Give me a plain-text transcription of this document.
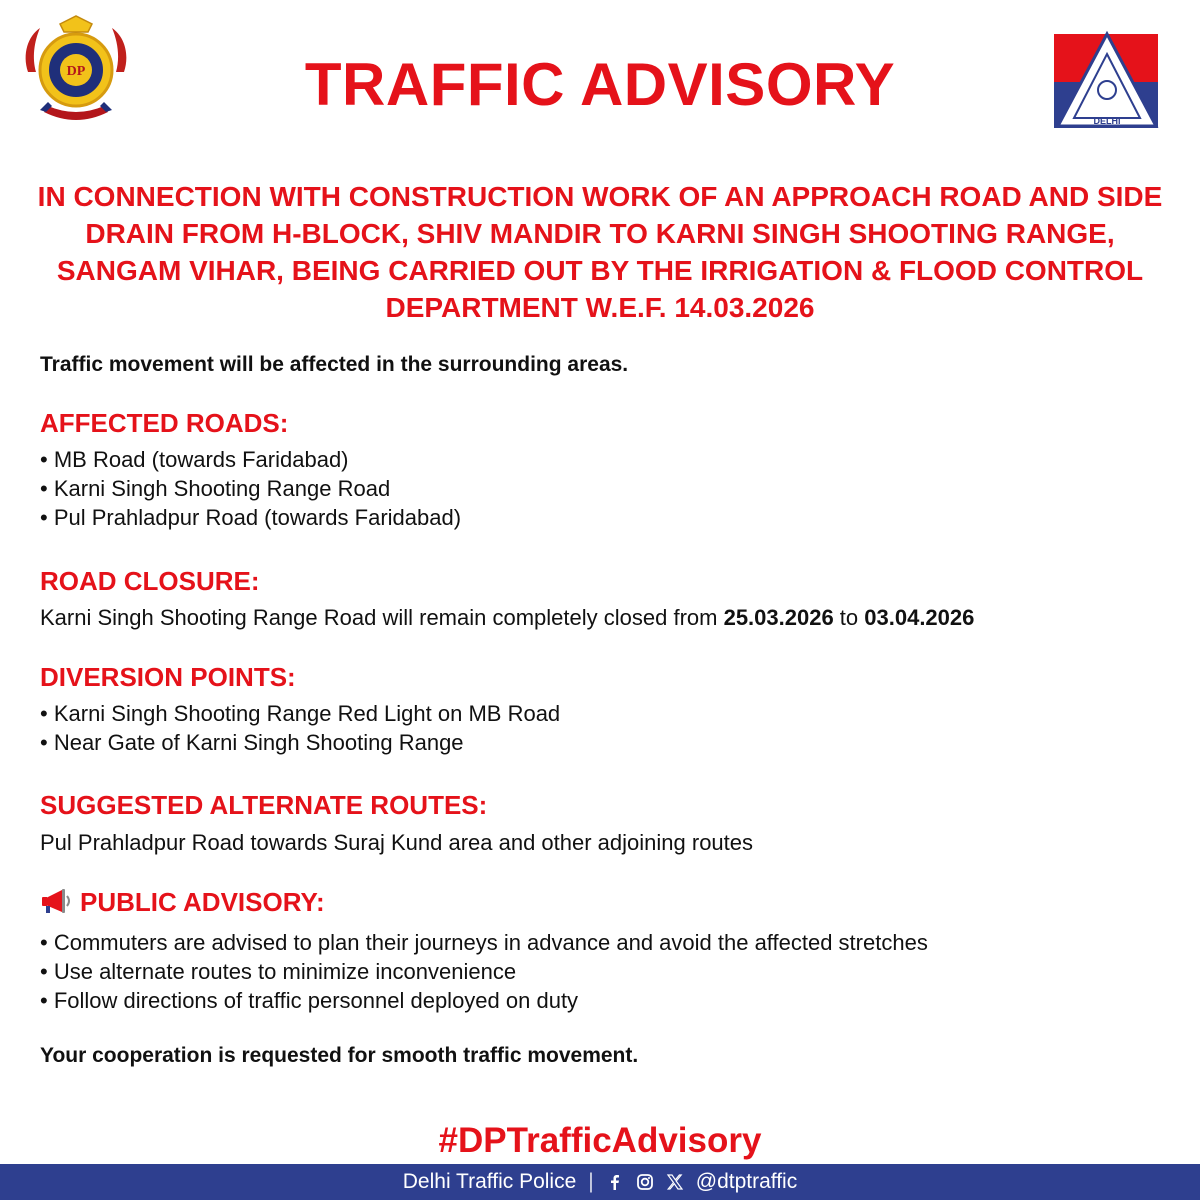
DP	TRAFFIC ADVISORY
DELHI
IN CONNECTION WITH CONSTRUCTION WORK OF AN APPROACH ROAD AND SIDE DRAIN FROM H-BLOCK, SHIV MANDIR TO KARNI SINGH SHOOTING RANGE, SANGAM VIHAR, BEING CARRIED OUT BY THE IRRIGATION & FLOOD CONTROL DEPARTMENT W.E.F. 14.03.2026
Traffic movement will be affected in the surrounding areas.
AFFECTED ROADS:
• MB Road (towards Faridabad)
• Karni Singh Shooting Range Road
• Pul Prahladpur Road (towards Faridabad)
ROAD CLOSURE:
Karni Singh Shooting Range Road will remain completely closed from 25.03.2026 to 03.04.2026
DIVERSION POINTS:
• Karni Singh Shooting Range Red Light on MB Road
• Near Gate of Karni Singh Shooting Range
SUGGESTED ALTERNATE ROUTES:
Pul Prahladpur Road towards Suraj Kund area and other adjoining routes
PUBLIC ADVISORY:
• Commuters are advised to plan their journeys in advance and avoid the affected stretches
• Use alternate routes to minimize inconvenience
• Follow directions of traffic personnel deployed on duty
Your cooperation is requested for smooth traffic movement.
#DPTrafficAdvisory
Delhi Traffic Police |	@dtptraffic
